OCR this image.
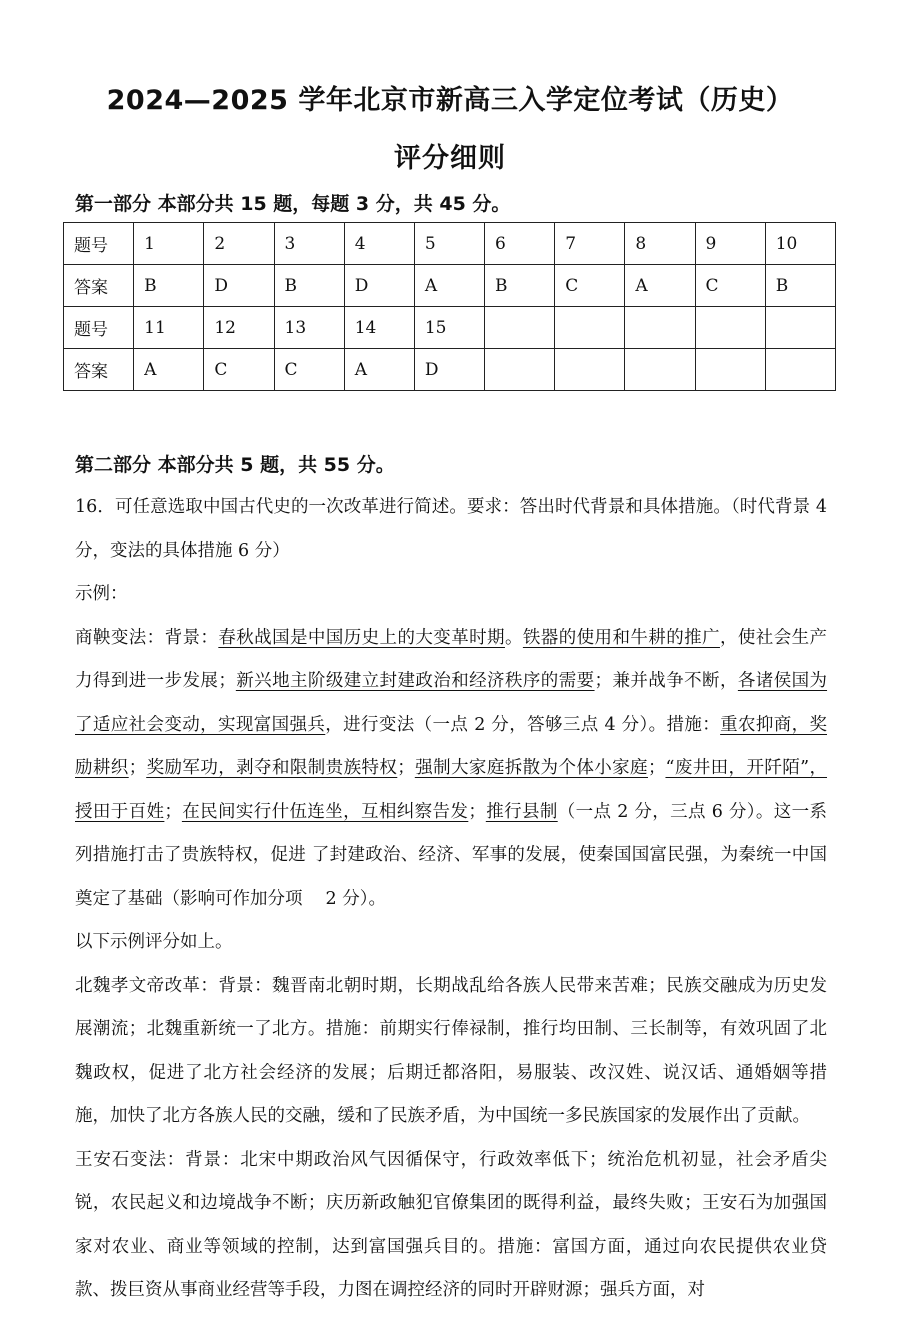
2024—2025 学年北京市新高三入学定位考试（历史）
评分细则
第一部分 本部分共 15 题，每题 3 分，共 45 分。
题号	1	2	3	4	5	6	7	8	9	10
答案	B	D	B	D	A	B	C	A	C	B
题号	11	12	13	14	15					
答案	A	C	C	A	D					
第二部分 本部分共 5 题，共 55 分。

16．可任意选取中国古代史的一次改革进行简述。要求：答出时代背景和具体措施。（时代背景 4 分，变法的具体措施 6 分）

示例：

商鞅变法：背景：春秋战国是中国历史上的大变革时期。铁器的使用和牛耕的推广，使社会生产力得到进一步发展；新兴地主阶级建立封建政治和经济秩序的需要；兼并战争不断，各诸侯国为了适应社会变动，实现富国强兵，进行变法（一点 2 分，答够三点 4 分）。措施：重农抑商，奖励耕织；奖励军功，剥夺和限制贵族特权；强制大家庭拆散为个体小家庭；“废井田，开阡陌”，授田于百姓；在民间实行什伍连坐，互相纠察告发；推行县制（一点 2 分，三点 6 分）。这一系列措施打击了贵族特权，促进 了封建政治、经济、军事的发展，使秦国国富民强，为秦统一中国奠定了基础（影响可作加分项　 2 分）。

以下示例评分如上。

北魏孝文帝改革：背景：魏晋南北朝时期，长期战乱给各族人民带来苦难；民族交融成为历史发展潮流；北魏重新统一了北方。措施：前期实行俸禄制，推行均田制、三长制等，有效巩固了北魏政权，促进了北方社会经济的发展；后期迁都洛阳，易服装、改汉姓、说汉话、通婚姻等措施，加快了北方各族人民的交融，缓和了民族矛盾，为中国统一多民族国家的发展作出了贡献。

王安石变法：背景：北宋中期政治风气因循保守，行政效率低下；统治危机初显，社会矛盾尖锐，农民起义和边境战争不断；庆历新政触犯官僚集团的既得利益，最终失败；王安石为加强国家对农业、商业等领域的控制，达到富国强兵目的。措施：富国方面，通过向农民提供农业贷款、拨巨资从事商业经营等手段，力图在调控经济的同时开辟财源；强兵方面，对
